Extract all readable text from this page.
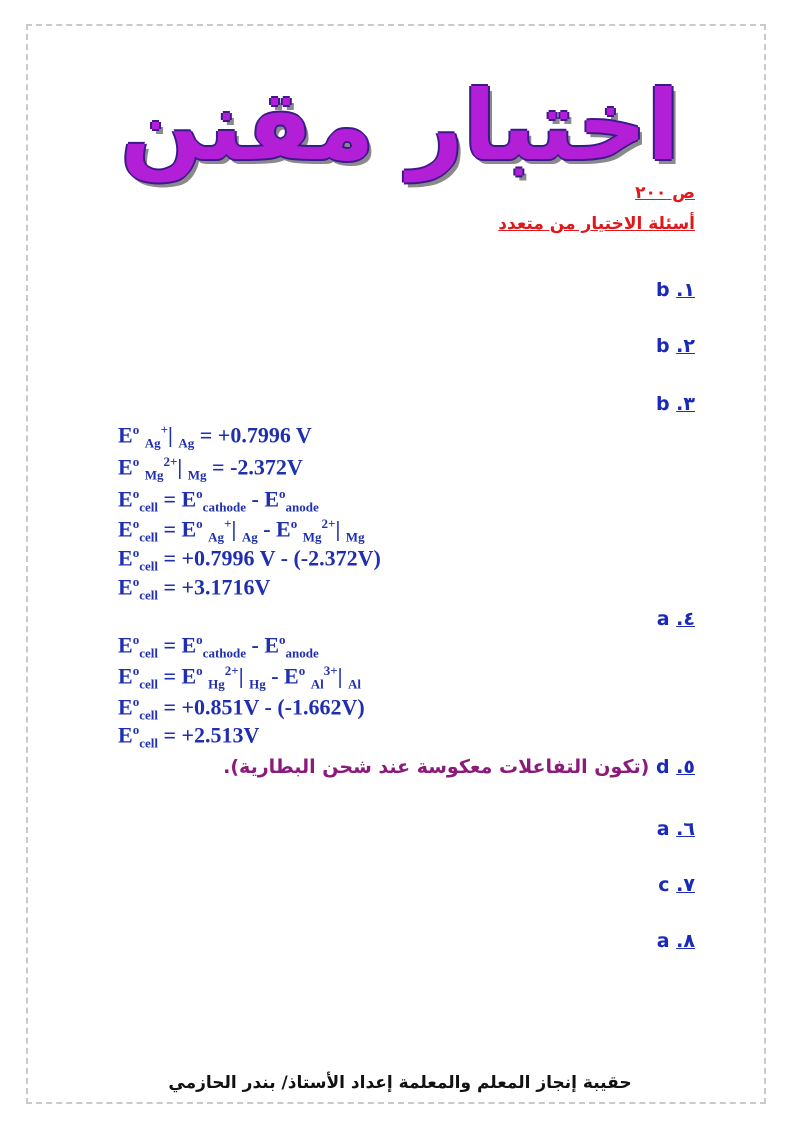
اختبار مقنن
ص ٢٠٠
أسئلة الاختيار من متعدد
١. b
٢. b
٣. b
$E^o$ $_{Ag}$+| $_{Ag}$ = +0.7996 V
$E^o$ $_{Mg}^{2+}$| $_{Mg}$ = -2.372V
$E^o_{cell} = E^o_{cathode} - E^o_{anode}$
$E^o_{cell} = E^o$ $_{Ag}$+| $_{Ag} - E^o$ $_{Mg}^{2+}$| $_{Mg}$
$E^o_{cell} = +0.7996$ V - (-2.372V)
$E^o_{cell} = +3.1716V$
٤. a
$E^o_{cell} = E^o_{cathode} - E^o_{anode}$
$E^o_{cell} = E^o$ $_{Hg}^{2+}$| $_{Hg} - E^o$ $_{Al}^{3+}$| $_{Al}$
$E^o_{cell} = +0.851V - (-1.662V)$
$E^o_{cell} = +2.513V$
٥. d (تكون التفاعلات معكوسة عند شحن البطارية).
٦. a
٧. c
٨. a
حقيبة إنجاز المعلم والمعلمة إعداد الأستاذ/ بندر الحازمي
